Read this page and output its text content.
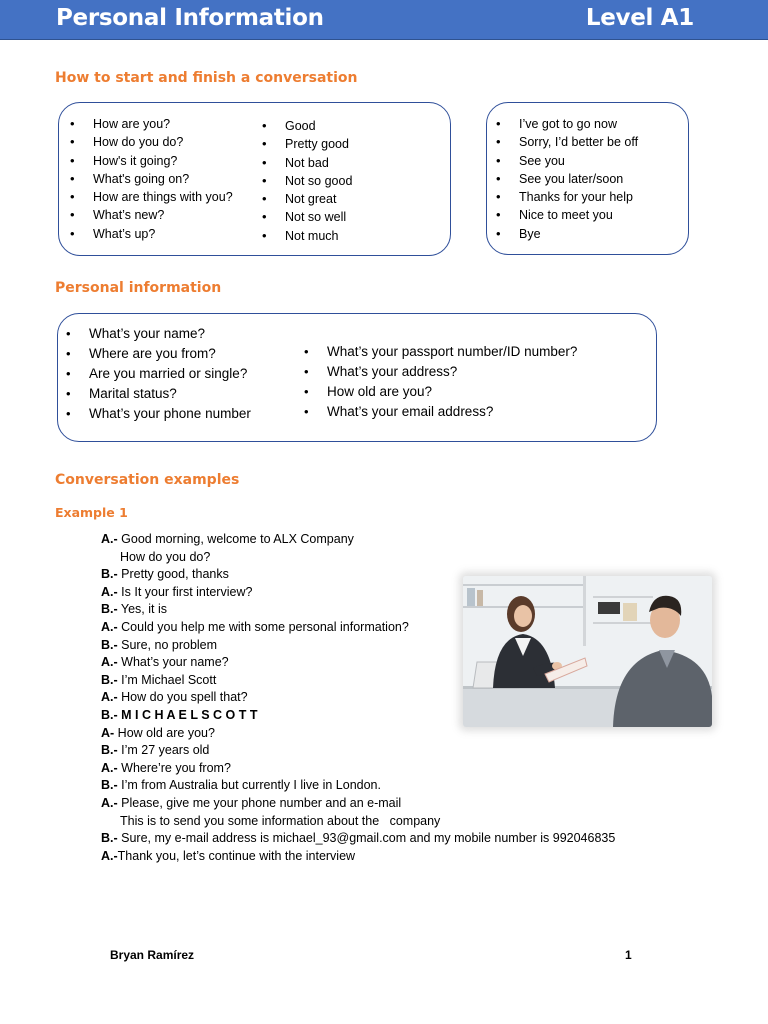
Personal Information	Level A1
How to start and finish a conversation
• How are you?
• How do you do?
• How's it going?
• What's going on?
• How are things with you?
• What’s new?
• What’s up?
• Good
• Pretty good
• Not bad
• Not so good
• Not great
• Not so well
• Not much
• I’ve got to go now
• Sorry, I’d better be off
• See you
• See you later/soon
• Thanks for your help
• Nice to meet you
• Bye
Personal information
• What’s your name?
• Where are you from?
• Are you married or single?
• Marital status?
• What’s your phone number
• What’s your passport number/ID number?
• What’s your address?
• How old are you?
• What’s your email address?
Conversation examples
Example 1
A.- Good morning, welcome to ALX Company
How do you do?
B.- Pretty good, thanks
A.- Is It your first interview?
B.- Yes, it is
A.- Could you help me with some personal information?
B.- Sure, no problem
A.- What’s your name?
B.- I’m Michael Scott
A.- How do you spell that?
B.- M I C H A E L S C O T T
A- How old are you?
B.- I’m 27 years old
A.- Where’re you from?
B.- I’m from Australia but currently I live in London.
A.- Please, give me your phone number and an e-mail
This is to send you some information about the   company
B.- Sure, my e-mail address is michael_93@gmail.com and my mobile number is 992046835
A.-Thank you, let’s continue with the interview
Bryan Ramírez	1
